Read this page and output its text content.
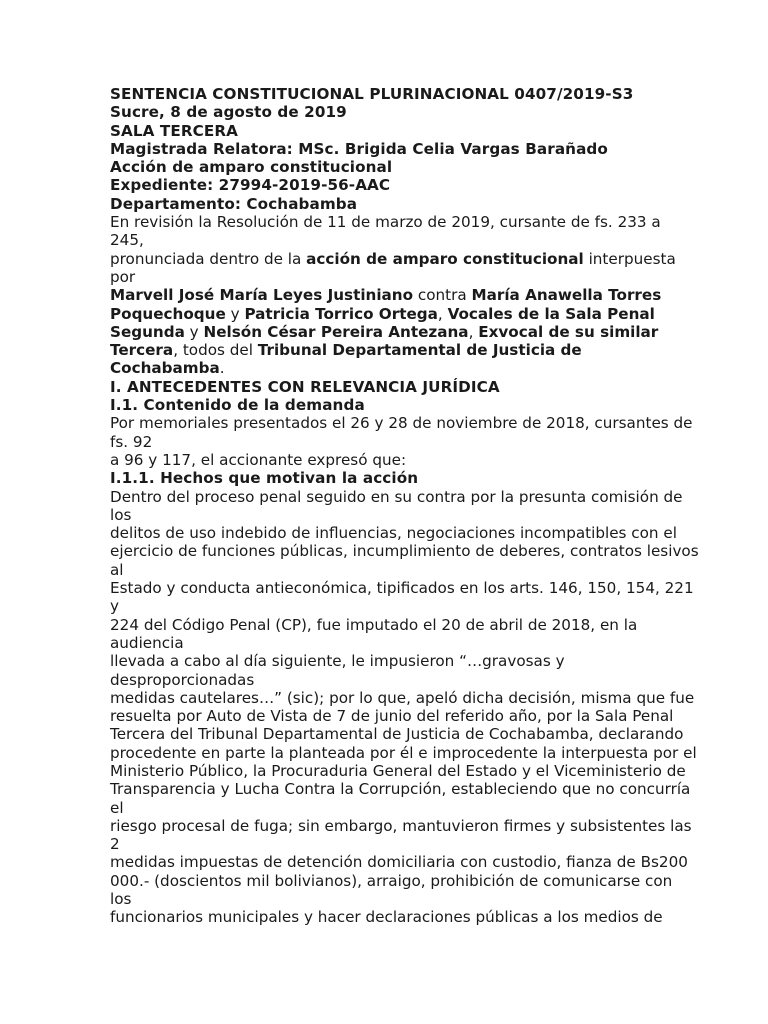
SENTENCIA CONSTITUCIONAL PLURINACIONAL 0407/2019-S3
Sucre, 8 de agosto de 2019
SALA TERCERA
Magistrada Relatora: MSc. Brigida Celia Vargas Barañado
Acción de amparo constitucional
Expediente: 27994-2019-56-AAC
Departamento: Cochabamba
En revisión la Resolución de 11 de marzo de 2019, cursante de fs. 233 a
245,
pronunciada dentro de la acción de amparo constitucional interpuesta
por
Marvell José María Leyes Justiniano contra María Anawella Torres
Poquechoque y Patricia Torrico Ortega, Vocales de la Sala Penal
Segunda y Nelsón César Pereira Antezana, Exvocal de su similar
Tercera, todos del Tribunal Departamental de Justicia de
Cochabamba.
I. ANTECEDENTES CON RELEVANCIA JURÍDICA
I.1. Contenido de la demanda
Por memoriales presentados el 26 y 28 de noviembre de 2018, cursantes de
fs. 92
a 96 y 117, el accionante expresó que:
I.1.1. Hechos que motivan la acción
Dentro del proceso penal seguido en su contra por la presunta comisión de
los
delitos de uso indebido de influencias, negociaciones incompatibles con el
ejercicio de funciones públicas, incumplimiento de deberes, contratos lesivos
al
Estado y conducta antieconómica, tipificados en los arts. 146, 150, 154, 221
y
224 del Código Penal (CP), fue imputado el 20 de abril de 2018, en la
audiencia
llevada a cabo al día siguiente, le impusieron “…gravosas y
desproporcionadas
medidas cautelares…” (sic); por lo que, apeló dicha decisión, misma que fue
resuelta por Auto de Vista de 7 de junio del referido año, por la Sala Penal
Tercera del Tribunal Departamental de Justicia de Cochabamba, declarando
procedente en parte la planteada por él e improcedente la interpuesta por el
Ministerio Público, la Procuraduria General del Estado y el Viceministerio de
Transparencia y Lucha Contra la Corrupción, estableciendo que no concurría
el
riesgo procesal de fuga; sin embargo, mantuvieron firmes y subsistentes las
2
medidas impuestas de detención domiciliaria con custodio, fianza de Bs200
000.- (doscientos mil bolivianos), arraigo, prohibición de comunicarse con
los
funcionarios municipales y hacer declaraciones públicas a los medios de
